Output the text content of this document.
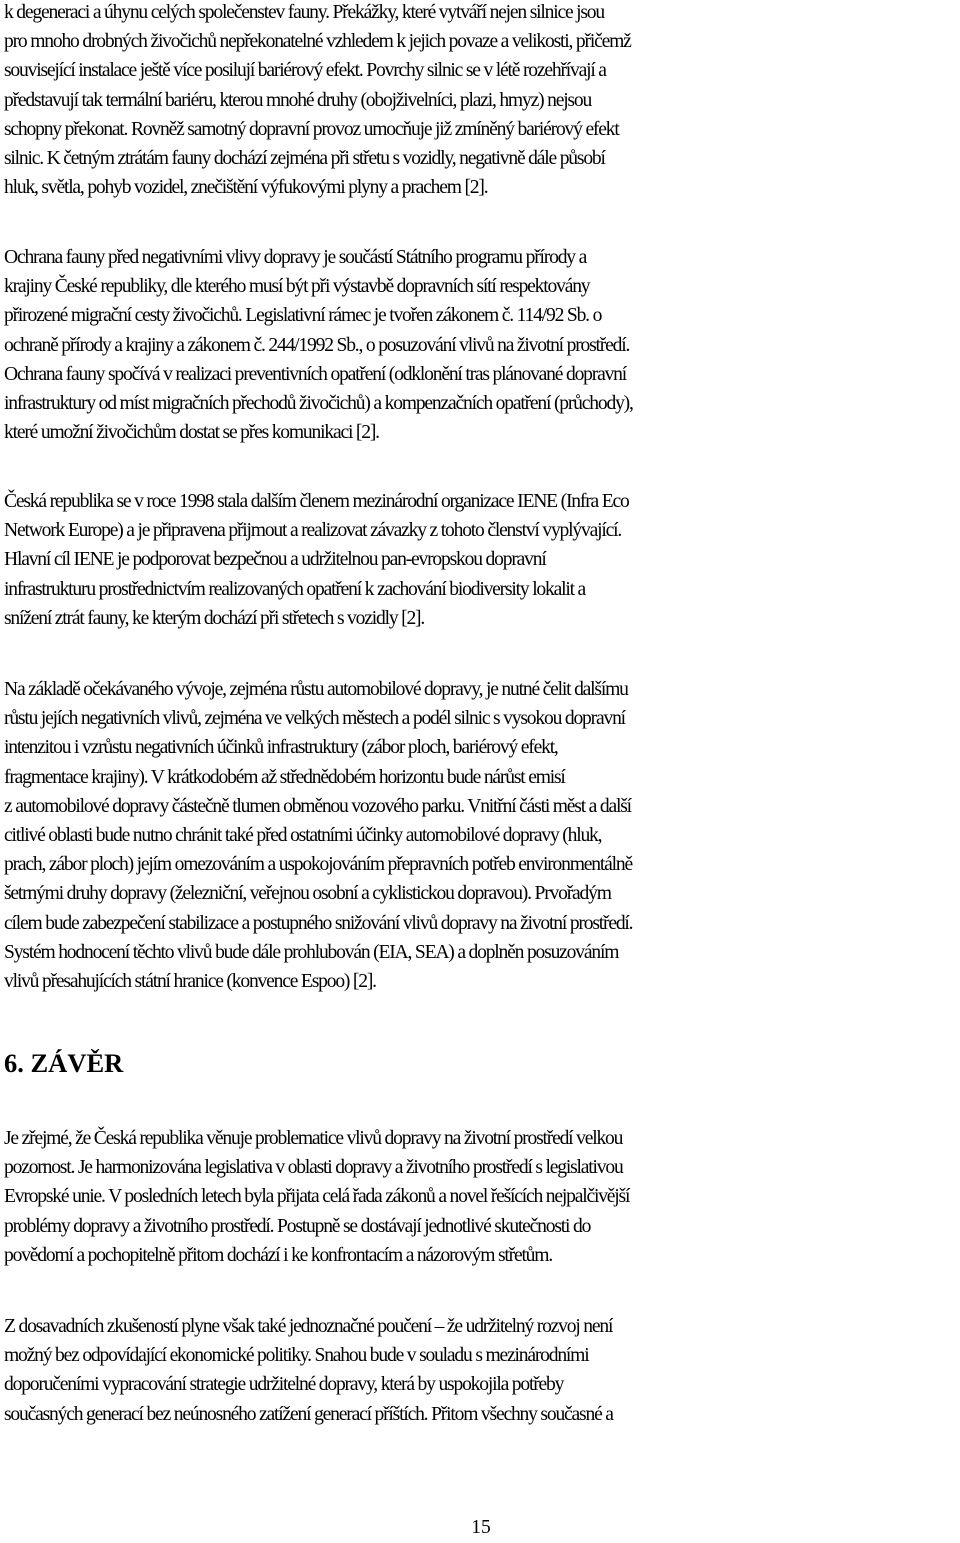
k degeneraci a úhynu celých společenstev fauny. Překážky, které vytváří nejen silnice jsou
pro mnoho drobných živočichů nepřekonatelné vzhledem k jejich povaze a velikosti, přičemž
související instalace ještě více posilují bariérový efekt. Povrchy silnic se v létě rozehřívají a
představují tak termální bariéru, kterou mnohé druhy (obojživelníci, plazi, hmyz) nejsou
schopny překonat. Rovněž samotný dopravní provoz umocňuje již zmíněný bariérový efekt
silnic. K četným ztrátám fauny dochází zejména při střetu s vozidly, negativně dále působí
hluk, světla, pohyb vozidel, znečištění výfukovými plyny a prachem [2].
Ochrana fauny před negativními vlivy dopravy je součástí Státního programu přírody a
krajiny České republiky, dle kterého musí být při výstavbě dopravních sítí respektovány
přirozené migrační cesty živočichů. Legislativní rámec je tvořen zákonem č. 114/92 Sb. o
ochraně přírody a krajiny a zákonem č. 244/1992 Sb., o posuzování vlivů na životní prostředí.
Ochrana fauny spočívá v realizaci preventivních opatření (odklonění tras plánované dopravní
infrastruktury od míst migračních přechodů živočichů) a kompenzačních opatření (průchody),
které umožní živočichům dostat se přes komunikaci [2].
Česká republika se v roce 1998 stala dalším členem mezinárodní organizace IENE (Infra Eco
Network Europe) a je připravena přijmout a realizovat závazky z tohoto členství vyplývající.
Hlavní cíl IENE je podporovat bezpečnou a udržitelnou pan-evropskou dopravní
infrastrukturu prostřednictvím realizovaných opatření k zachování biodiversity lokalit a
snížení ztrát fauny, ke kterým dochází při střetech s vozidly [2].
Na základě očekávaného vývoje, zejména růstu automobilové dopravy, je nutné čelit dalšímu
růstu jejích negativních vlivů, zejména ve velkých městech a podél silnic s vysokou dopravní
intenzitou i vzrůstu negativních účinků infrastruktury (zábor ploch, bariérový efekt,
fragmentace krajiny). V krátkodobém až střednědobém horizontu bude nárůst emisí
z automobilové dopravy částečně tlumen obměnou vozového parku. Vnitřní části měst a další
citlivé oblasti bude nutno chránit také před ostatními účinky automobilové dopravy (hluk,
prach, zábor ploch) jejím omezováním a uspokojováním přepravních potřeb environmentálně
šetrnými druhy dopravy (železniční, veřejnou osobní a cyklistickou dopravou). Prvořadým
cílem bude zabezpečení stabilizace a postupného snižování vlivů dopravy na životní prostředí.
Systém hodnocení těchto vlivů bude dále prohlubován (EIA, SEA) a doplněn posuzováním
vlivů přesahujících státní hranice (konvence Espoo) [2].
6. ZÁVĚR
Je zřejmé, že Česká republika věnuje problematice vlivů dopravy na životní prostředí velkou
pozornost. Je harmonizována legislativa v oblasti dopravy a životního prostředí s legislativou
Evropské unie. V posledních letech byla přijata celá řada zákonů a novel řešících nejpalčivější
problémy dopravy a životního prostředí. Postupně se dostávají jednotlivé skutečnosti do
povědomí a pochopitelně přitom dochází i ke konfrontacím a názorovým střetům.
Z dosavadních zkušeností plyne však také jednoznačné poučení – že udržitelný rozvoj není
možný bez odpovídající ekonomické politiky. Snahou bude v souladu s mezinárodními
doporučeními vypracování strategie udržitelné dopravy, která by uspokojila potřeby
současných generací bez neúnosného zatížení generací příštích. Přitom všechny současné a
15
